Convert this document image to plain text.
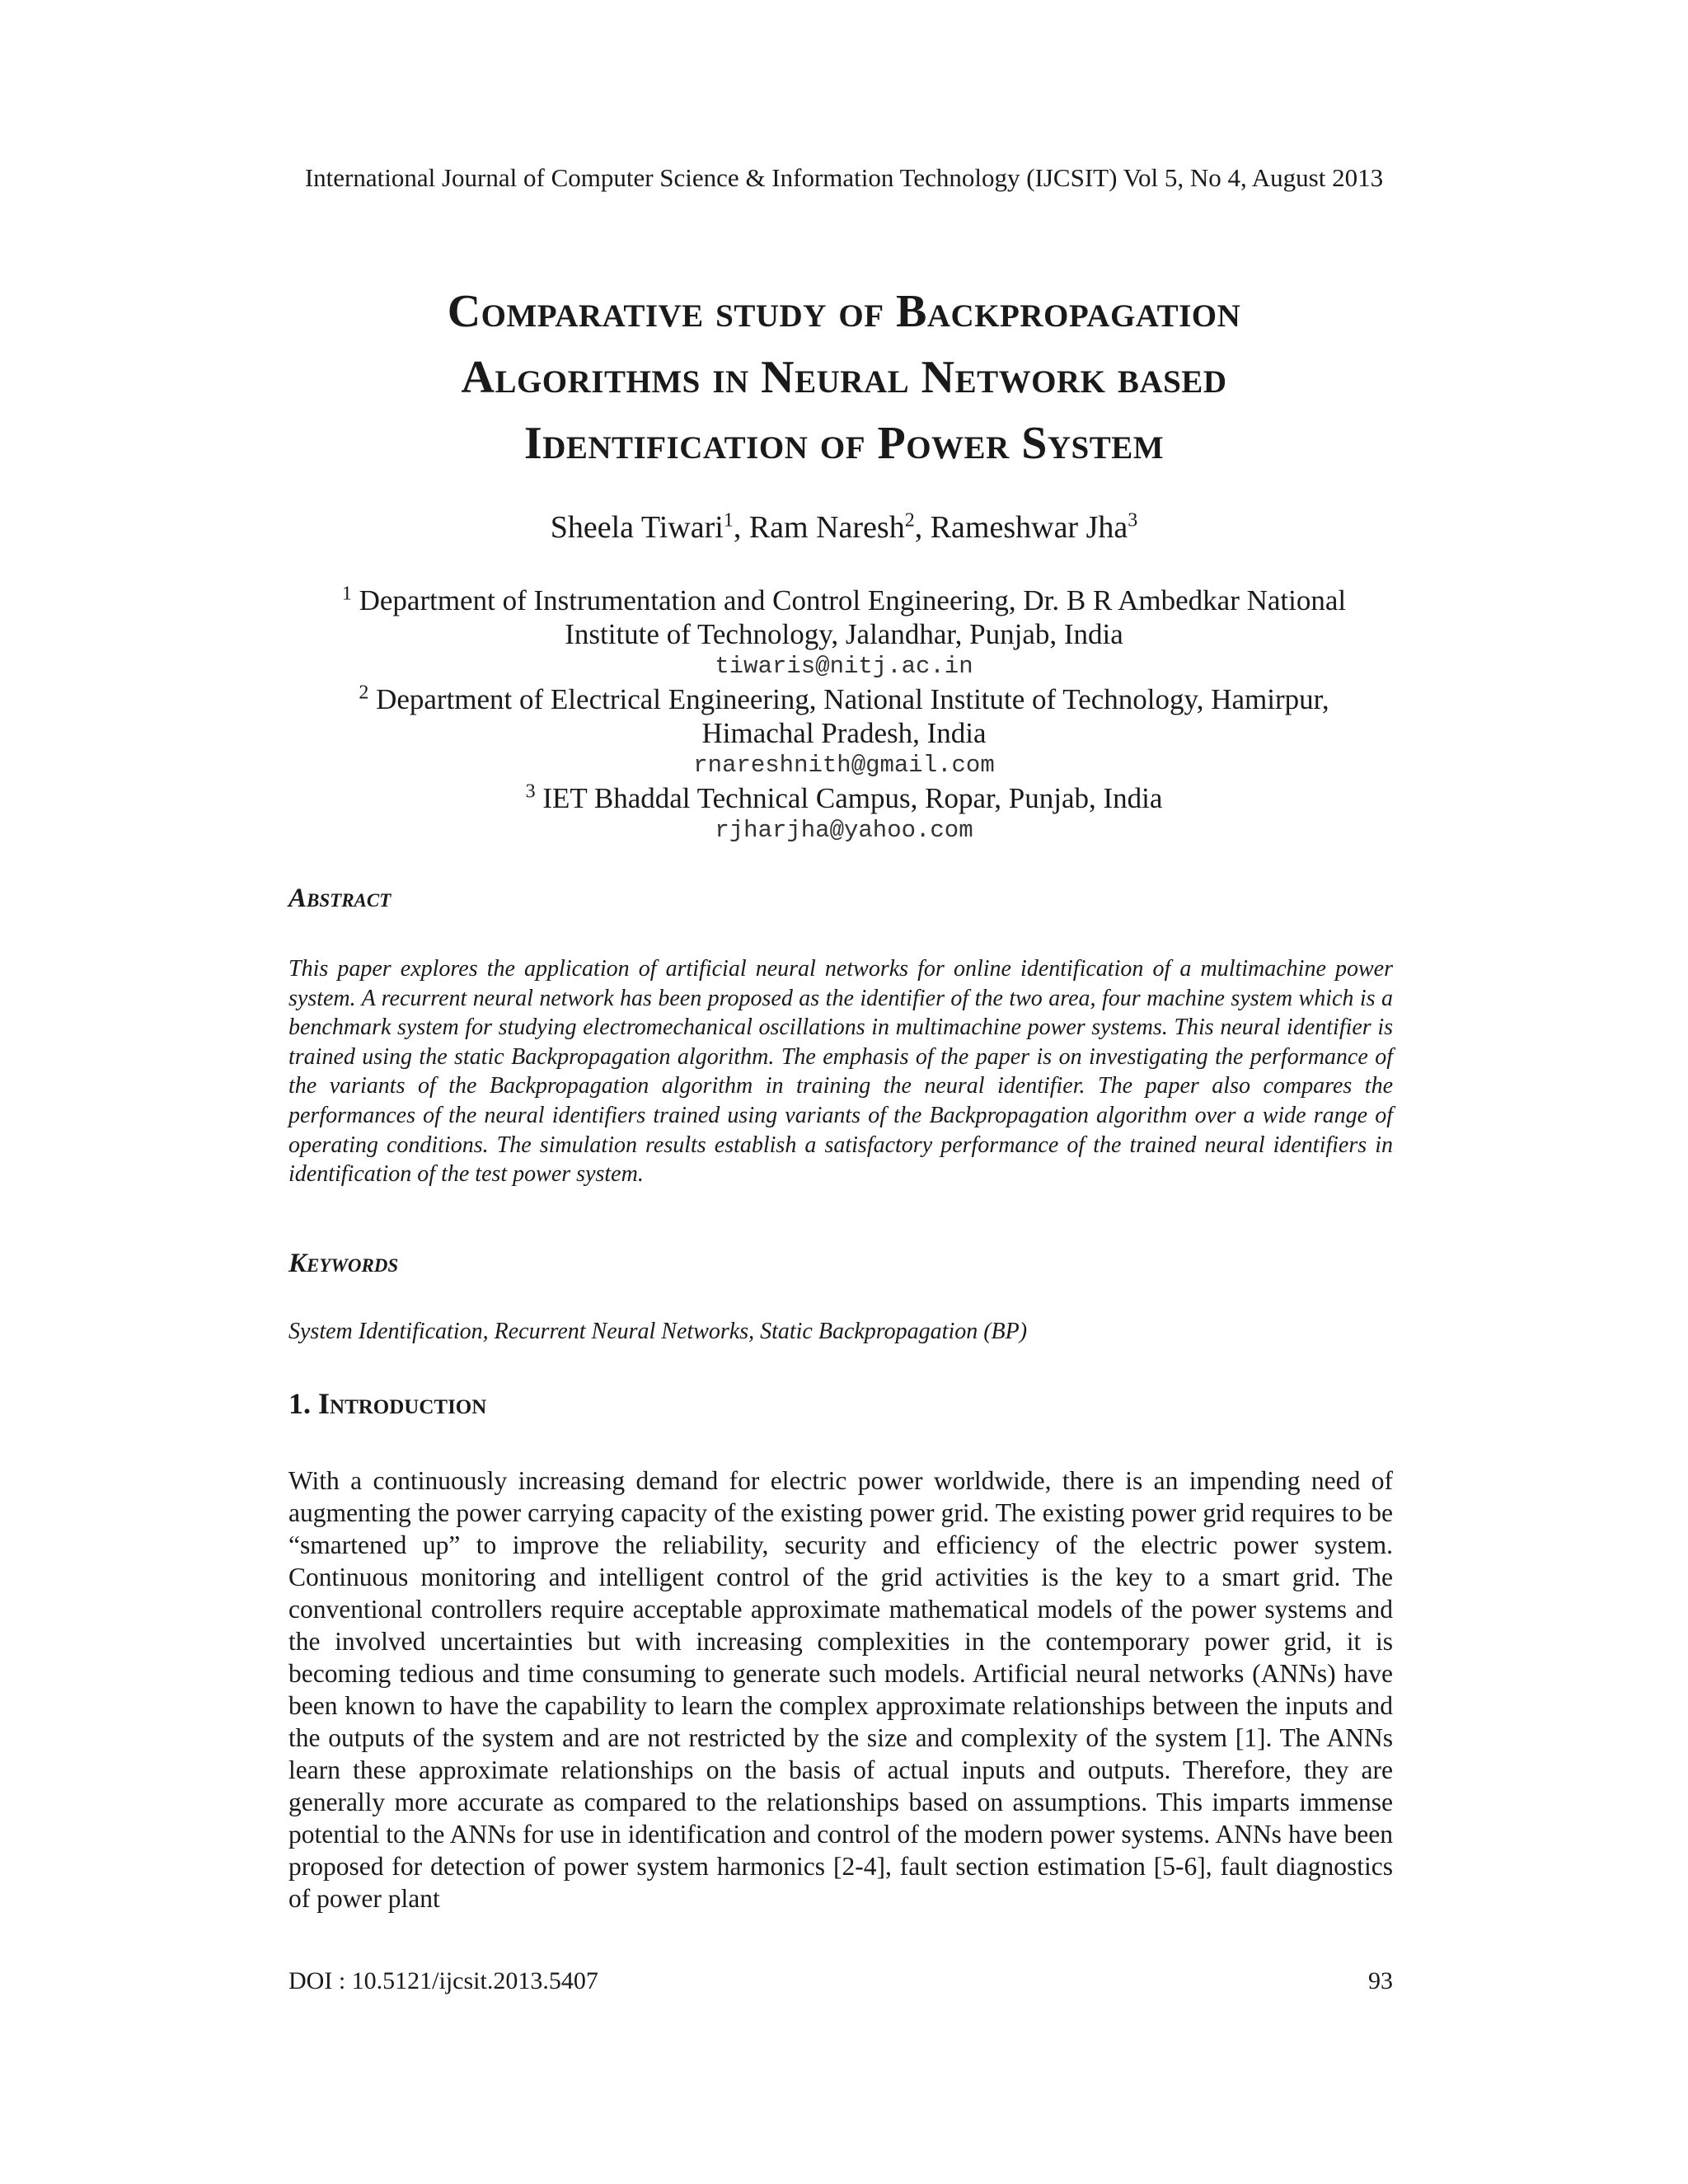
International Journal of Computer Science & Information Technology (IJCSIT) Vol 5, No 4, August 2013
Comparative study of Backpropagation
Algorithms in Neural Network based
Identification of Power System
Sheela Tiwari$^1$, Ram Naresh$^2$, Rameshwar Jha$^3$
$^1$ Department of Instrumentation and Control Engineering, Dr. B R Ambedkar National
Institute of Technology, Jalandhar, Punjab, India
tiwaris@nitj.ac.in
$^2$ Department of Electrical Engineering, National Institute of Technology, Hamirpur,
Himachal Pradesh, India
rnareshnith@gmail.com
$^3$ IET Bhaddal Technical Campus, Ropar, Punjab, India
rjharjha@yahoo.com
Abstract
This paper explores the application of artificial neural networks for online identification of a multimachine power system. A recurrent neural network has been proposed as the identifier of the two area, four machine system which is a benchmark system for studying electromechanical oscillations in multimachine power systems. This neural identifier is trained using the static Backpropagation algorithm. The emphasis of the paper is on investigating the performance of the variants of the Backpropagation algorithm in training the neural identifier. The paper also compares the performances of the neural identifiers trained using variants of the Backpropagation algorithm over a wide range of operating conditions. The simulation results establish a satisfactory performance of the trained neural identifiers in identification of the test power system.
Keywords
System Identification, Recurrent Neural Networks, Static Backpropagation (BP)
1. Introduction
With a continuously increasing demand for electric power worldwide, there is an impending need of augmenting the power carrying capacity of the existing power grid. The existing power grid requires to be “smartened up” to improve the reliability, security and efficiency of the electric power system. Continuous monitoring and intelligent control of the grid activities is the key to a smart grid. The conventional controllers require acceptable approximate mathematical models of the power systems and the involved uncertainties but with increasing complexities in the contemporary power grid, it is becoming tedious and time consuming to generate such models. Artificial neural networks (ANNs) have been known to have the capability to learn the complex approximate relationships between the inputs and the outputs of the system and are not restricted by the size and complexity of the system [1]. The ANNs learn these approximate relationships on the basis of actual inputs and outputs. Therefore, they are generally more accurate as compared to the relationships based on assumptions. This imparts immense potential to the ANNs for use in identification and control of the modern power systems. ANNs have been proposed for detection of power system harmonics [2-4], fault section estimation [5-6], fault diagnostics of power plant
DOI : 10.5121/ijcsit.2013.5407	93
